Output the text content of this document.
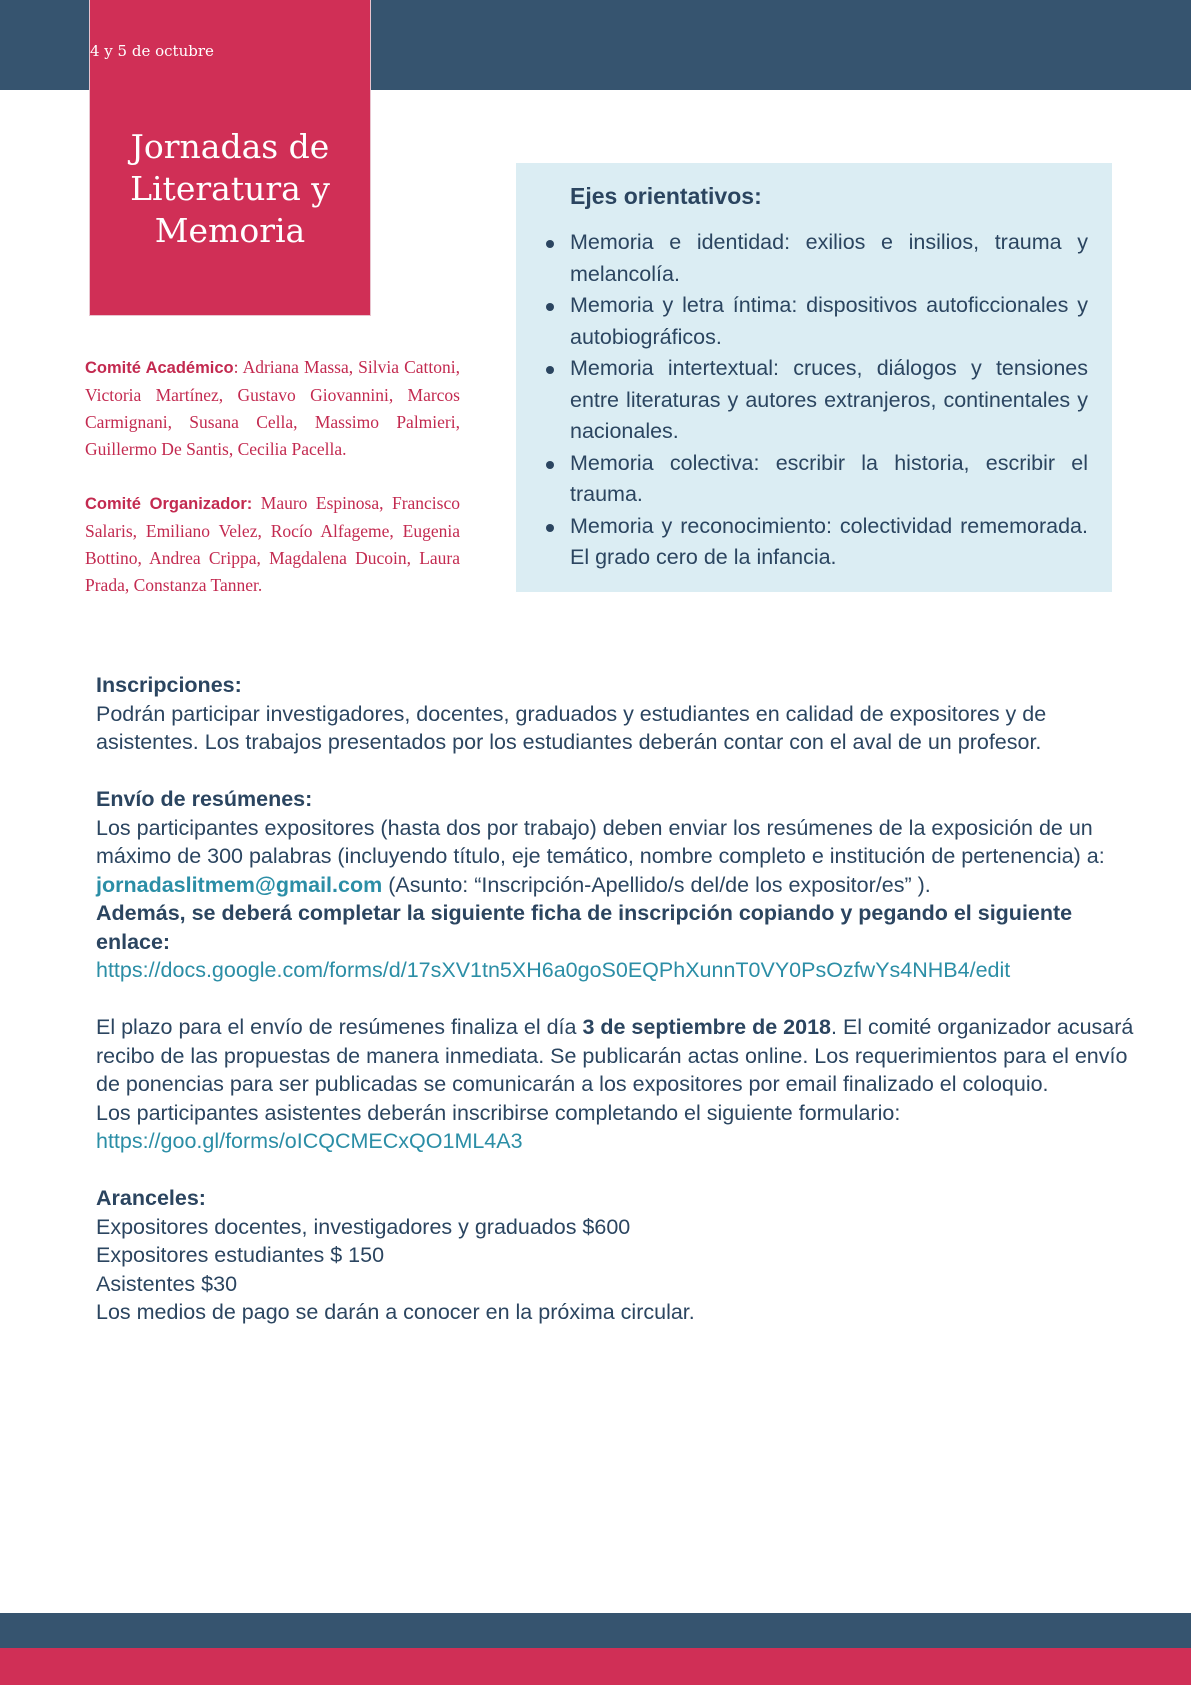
4 y 5 de octubre
Jornadas de
Literatura y
Memoria

Comité Académico: Adriana Massa, Silvia Cattoni, Victoria Martínez, Gustavo Giovannini, Marcos Carmignani, Susana Cella, Massimo Palmieri, Guillermo De Santis, Cecilia Pacella.

Comité Organizador: Mauro Espinosa, Francisco Salaris, Emiliano Velez, Rocío Alfageme, Eugenia Bottino, Andrea Crippa, Magdalena Ducoin, Laura Prada, Constanza Tanner.

Ejes orientativos:
Memoria e identidad: exilios e insilios, trauma y melancolía.
Memoria y letra íntima: dispositivos autoficcionales y autobiográficos.
Memoria intertextual: cruces, diálogos y tensiones entre literaturas y autores extranjeros, continentales y nacionales.
Memoria colectiva: escribir la historia, escribir el trauma.
Memoria y reconocimiento: colectividad rememorada. El grado cero de la infancia.
Inscripciones:
Podrán participar investigadores, docentes, graduados y estudiantes en calidad de expositores y de asistentes. Los trabajos presentados por los estudiantes deberán contar con el aval de un profesor.
Envío de resúmenes:
Los participantes expositores (hasta dos por trabajo) deben enviar los resúmenes de la exposición de un máximo de 300 palabras (incluyendo título, eje temático, nombre completo e institución de pertenencia) a: jornadaslitmem@gmail.com (Asunto: “Inscripción-Apellido/s del/de los expositor/es” ).
Además, se deberá completar la siguiente ficha de inscripción copiando y pegando el siguiente enlace:
https://docs.google.com/forms/d/17sXV1tn5XH6a0goS0EQPhXunnT0VY0PsOzfwYs4NHB4/edit
El plazo para el envío de resúmenes finaliza el día 3 de septiembre de 2018. El comité organizador acusará recibo de las propuestas de manera inmediata. Se publicarán actas online. Los requerimientos para el envío de ponencias para ser publicadas se comunicarán a los expositores por email finalizado el coloquio.
Los participantes asistentes deberán inscribirse completando el siguiente formulario:
https://goo.gl/forms/oICQCMECxQO1ML4A3
Aranceles:
Expositores docentes, investigadores y graduados $600
Expositores estudiantes $ 150
Asistentes $30
Los medios de pago se darán a conocer en la próxima circular.
